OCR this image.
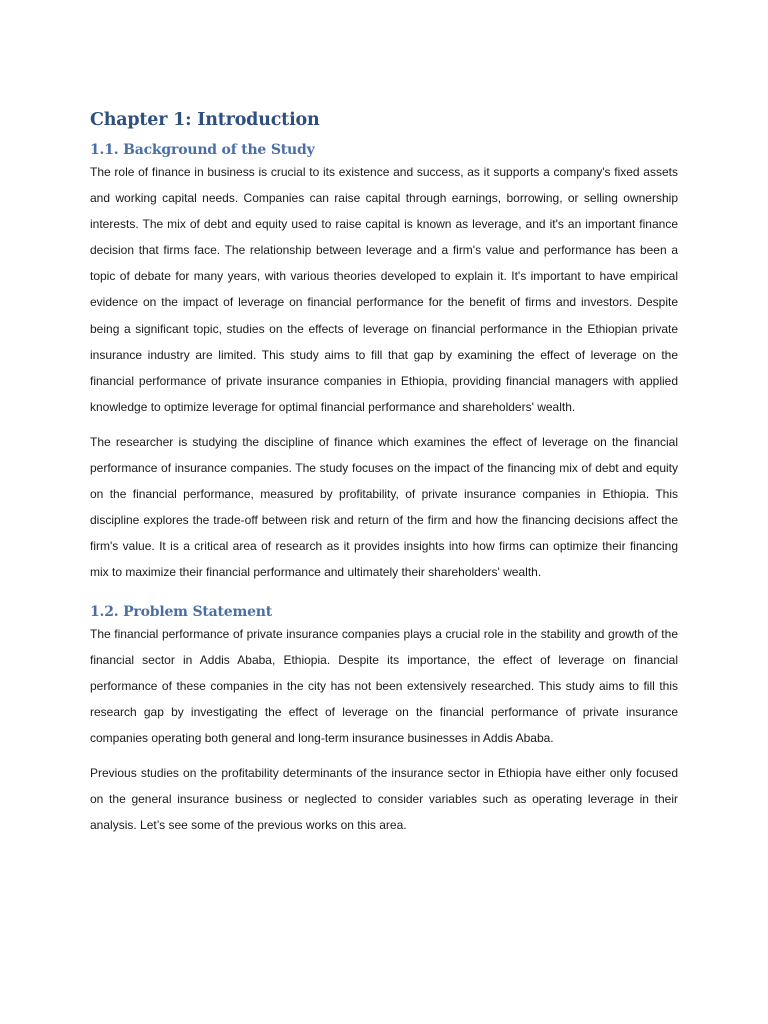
Chapter 1: Introduction
1.1. Background of the Study

The role of finance in business is crucial to its existence and success, as it supports a company's fixed assets and working capital needs. Companies can raise capital through earnings, borrowing, or selling ownership interests. The mix of debt and equity used to raise capital is known as leverage, and it's an important finance decision that firms face. The relationship between leverage and a firm's value and performance has been a topic of debate for many years, with various theories developed to explain it. It's important to have empirical evidence on the impact of leverage on financial performance for the benefit of firms and investors. Despite being a significant topic, studies on the effects of leverage on financial performance in the Ethiopian private insurance industry are limited. This study aims to fill that gap by examining the effect of leverage on the financial performance of private insurance companies in Ethiopia, providing financial managers with applied knowledge to optimize leverage for optimal financial performance and shareholders' wealth.

The researcher is studying the discipline of finance which examines the effect of leverage on the financial performance of insurance companies. The study focuses on the impact of the financing mix of debt and equity on the financial performance, measured by profitability, of private insurance companies in Ethiopia. This discipline explores the trade-off between risk and return of the firm and how the financing decisions affect the firm's value. It is a critical area of research as it provides insights into how firms can optimize their financing mix to maximize their financial performance and ultimately their shareholders' wealth.

1.2. Problem Statement

The financial performance of private insurance companies plays a crucial role in the stability and growth of the financial sector in Addis Ababa, Ethiopia. Despite its importance, the effect of leverage on financial performance of these companies in the city has not been extensively researched. This study aims to fill this research gap by investigating the effect of leverage on the financial performance of private insurance companies operating both general and long-term insurance businesses in Addis Ababa.

Previous studies on the profitability determinants of the insurance sector in Ethiopia have either only focused on the general insurance business or neglected to consider variables such as operating leverage in their analysis. Let’s see some of the previous works on this area.
